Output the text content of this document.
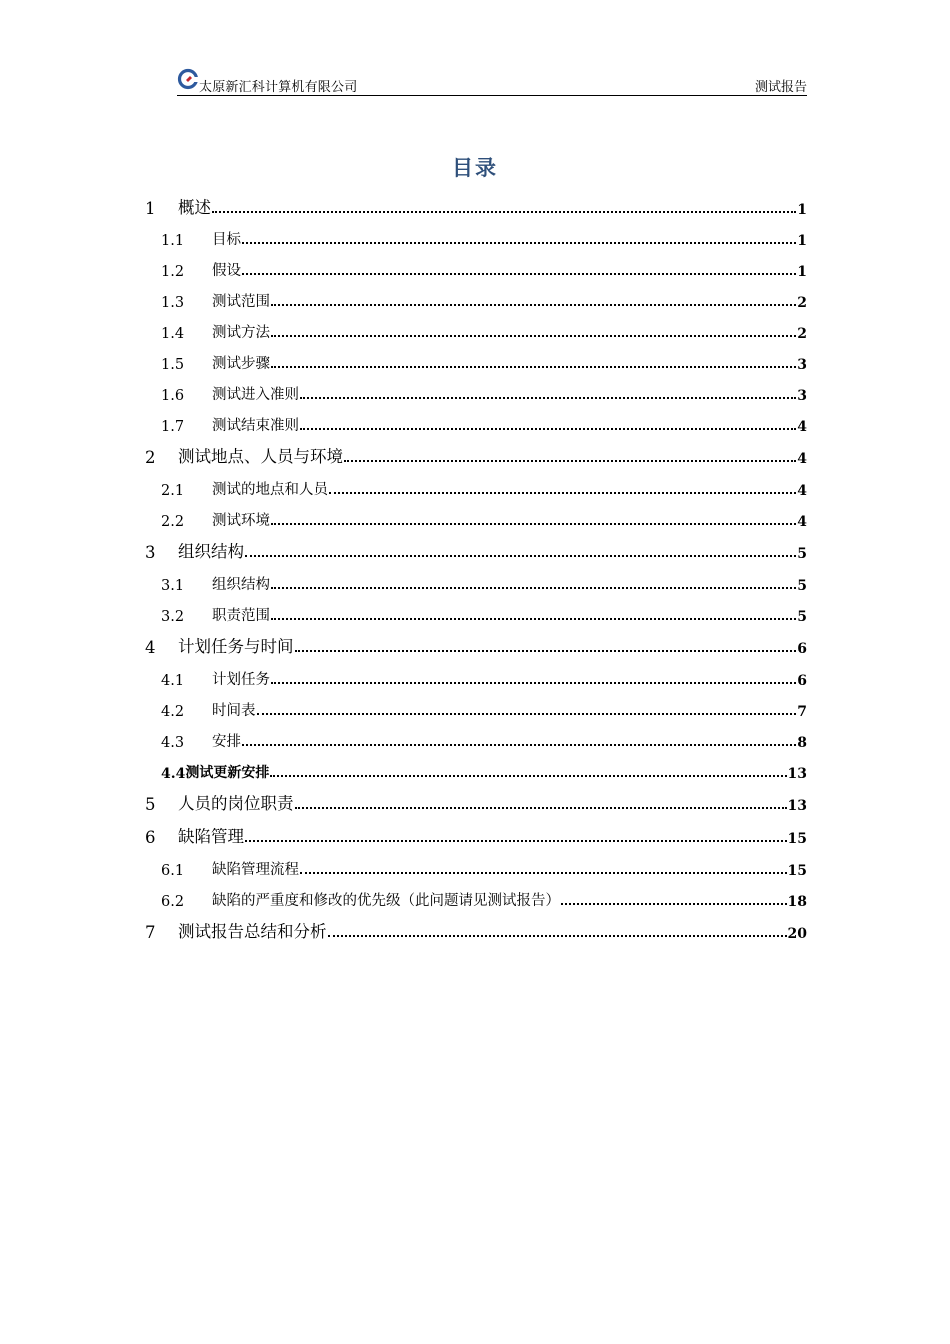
太原新汇科计算机有限公司	测试报告
目录
1	概述	1
1.1	目标	1
1.2	假设	1
1.3	测试范围	2
1.4	测试方法	2
1.5	测试步骤	3
1.6	测试进入准则	3
1.7	测试结束准则	4
2	测试地点、人员与环境	4
2.1	测试的地点和人员	4
2.2	测试环境	4
3	组织结构	5
3.1	组织结构	5
3.2	职责范围	5
4	计划任务与时间	6
4.1	计划任务	6
4.2	时间表	7
4.3	安排	8
4.4 测试更新安排	13
5	人员的岗位职责	13
6	缺陷管理	15
6.1	缺陷管理流程	15
6.2	缺陷的严重度和修改的优先级（此问题请见测试报告）	18
7	测试报告总结和分析	20
